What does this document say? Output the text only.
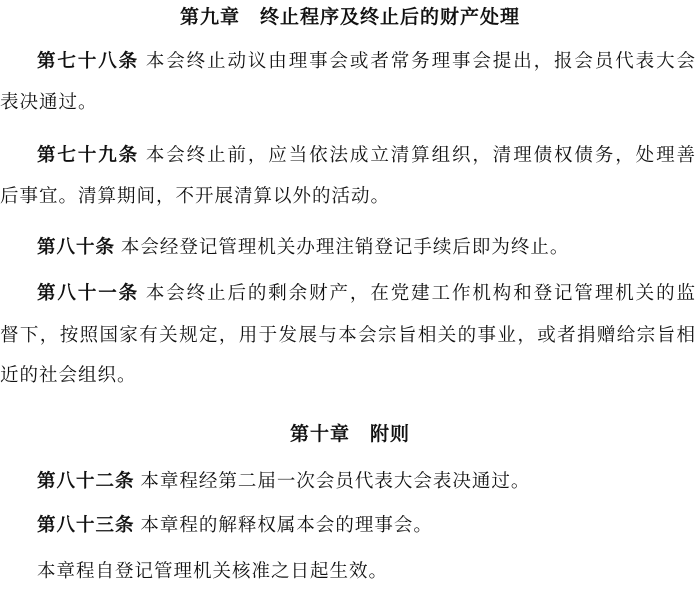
第九章 终止程序及终止后的财产处理
第七十八条 本会终止动议由理事会或者常务理事会提出，报会员代表大会
表决通过。
第七十九条 本会终止前，应当依法成立清算组织，清理债权债务，处理善
后事宜。清算期间，不开展清算以外的活动。
第八十条 本会经登记管理机关办理注销登记手续后即为终止。
第八十一条 本会终止后的剩余财产，在党建工作机构和登记管理机关的监
督下，按照国家有关规定，用于发展与本会宗旨相关的事业，或者捐赠给宗旨相
近的社会组织。
第十章 附则
第八十二条 本章程经第二届一次会员代表大会表决通过。
第八十三条 本章程的解释权属本会的理事会。
本章程自登记管理机关核准之日起生效。
